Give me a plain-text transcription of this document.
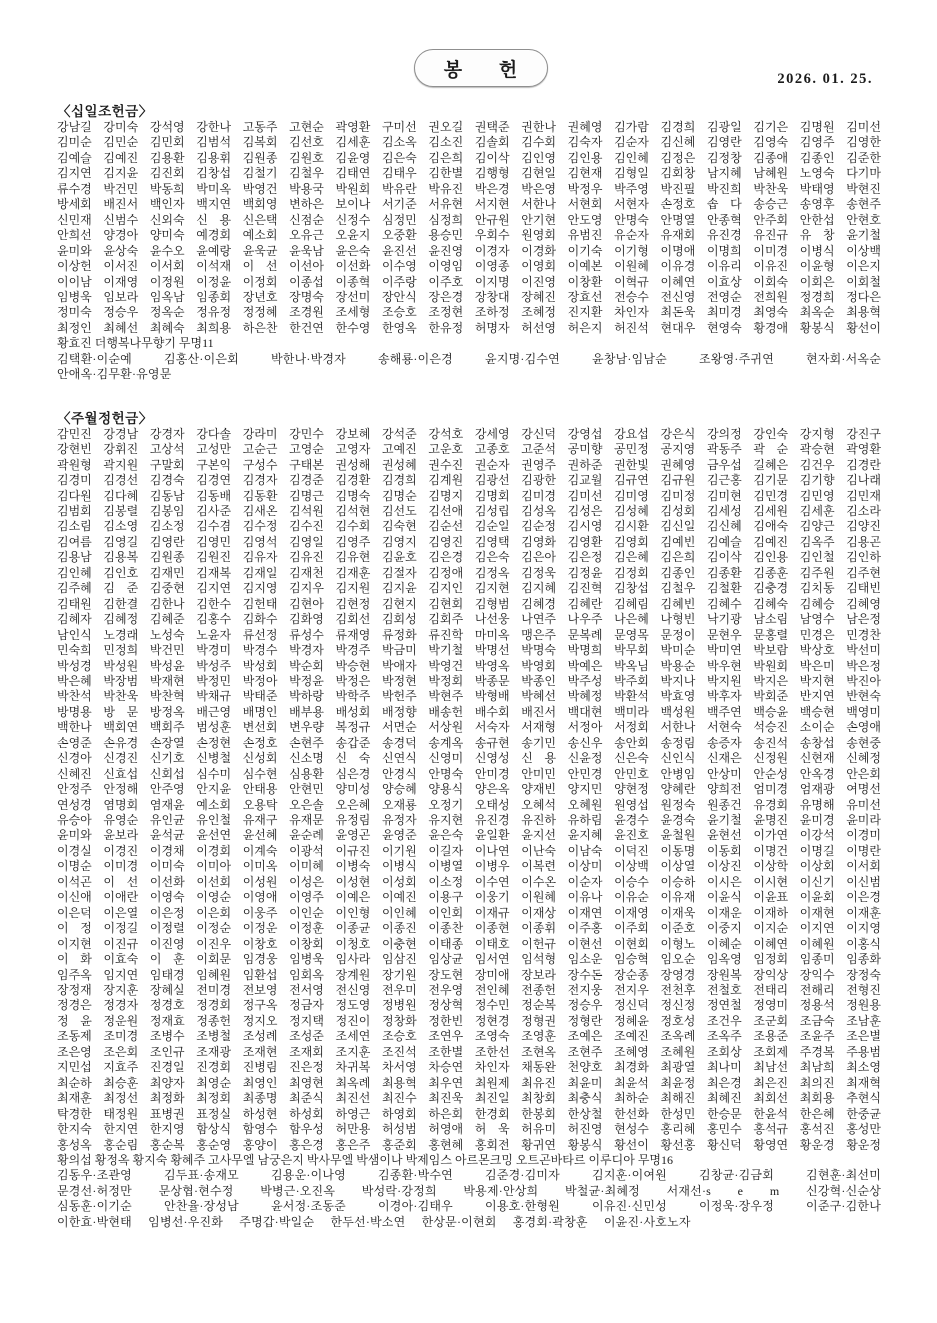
봉 헌	2026. 01. 25.
〈십일조헌금〉
강남길 강미숙 강석영 강한나 고동주 고현순 곽영환 구미선 권오길 권택준 권한나 권혜영 김가람 김경희 김광일 김기은 김명원 김미선
김미순 김민순 김민회 김범석 김복회 김선호 김세훈 김소옥 김소진 김솔회 김수회 김숙자 김순자 김신혜 김영란 김영숙 김영주 김영한
김예슬 김예진 김용환 김용휘 김원종 김원호 김윤영 김은숙 김은희 김이삭 김인영 김인용 김인혜 김정은 김정창 김종애 김종인 김준한
김지연 김지윤 김진회 김창섭 김철기 김철우 김태연 김태우 김한별 김행형 김현일 김현재 김형일 김회창 남지혜 남혜원 노영숙 다기마
류수경 박건민 박동희 박미옥 박영건 박용국 박원회 박유란 박유진 박은경 박은영 박정우 박주영 박진필 박진희 박찬욱 박태영 박현진
방세회 배진서 백인자 백지연 백회영 변하은 보이나 서기준 서유현 서지현 서한나 서현회 서현자 손정호 솝 다 송승근 송영후 송현주
신민재 신범수 신외숙 신 용 신은택 신점순 신정수 심정민 심정희 안규원 안기현 안도영 안명숙 안명열 안종혁 안주회 안한섭 안현호
안희선 양경아 양미숙 예경회 예소회 오유근 오윤지 오중환 용승민 우회수 원영회 유범진 유순자 유재회 유진경 유진규 유 창 윤기철
윤미와 윤상숙 윤수오 윤예랑 윤욱균 윤욱남 윤은숙 윤진선 윤진영 이경자 이경화 이기숙 이기형 이명애 이명희 이미경 이병식 이상백
이상헌 이서진 이서회 이석재 이 선 이선아 이선화 이수영 이영임 이영종 이영회 이예본 이원혜 이유경 이유리 이유진 이윤형 이은지
이이남 이재영 이정원 이정윤 이정회 이종섭 이종혁 이주랑 이주호 이지명 이진영 이창환 이혁규 이혜연 이효상 이회숙 이회은 이회철
임병욱 임보라 임옥남 임종회 장년호 장명숙 장선미 장안식 장은경 장창대 장혜진 장효선 전승수 전신영 전영순 전희원 정경희 정다은
정미숙 정승우 정옥순 정유정 정정혜 조경원 조세형 조승호 조정현 조하정 조혜정 진지환 차인자 최돈욱 최미경 최영숙 최옥순 최용혁
최정인 최혜선 최혜숙 최희용 하은찬 한건연 한수영 한영옥 한유정 허명자 허선영 허은지 허진석 현대우 현영숙 황경애 황봉식 황선이
황효진 더행복나무향기 무명11
김택환·이순예 김홍산·이은회 박한나·박경자 송해룡·이은경 윤지명·김수연 윤창남·임남순 조왕영·주귀연 현자회·서옥순
안애옥·김무환·유영문
〈주월정헌금〉
감민진 강경남 강경자 강다솔 강라미 강민수 강보혜 강석준 강석호 강세영 강신덕 강영섭 강요섭 강은식 강의정 강인숙 강지형 강진구
강현빈 강휘진 고상석 고성만 고순근 고영순 고영자 고예진 고운호 고종호 고준석 공미향 공민정 공지영 곽동주 곽 순 곽승현 곽영환
곽원형 곽지원 구말회 구본익 구성수 구태본 권성해 권성혜 권수진 권순자 권영주 권하준 권한빛 권혜영 금우섭 길혜은 김건우 김경란
김경미 김경선 김경숙 김경연 김경자 김경준 김경환 김경희 김계원 김광선 김광한 김교월 김규연 김규원 김근홍 김기문 김기향 김나래
김다원 김다혜 김동남 김동배 김동환 김명근 김명숙 김명순 김명지 김명회 김미경 김미선 김미영 김미정 김미현 김민경 김민영 김민재
김범회 김봉렬 김봉임 김사준 김새온 김석원 김석현 김선도 김선애 김성립 김성옥 김성은 김성혜 김성회 김세성 김세원 김세훈 김소라
김소림 김소영 김소정 김수겸 김수정 김수진 김수회 김숙현 김순선 김순일 김순정 김시영 김시환 김신일 김신혜 김애숙 김양근 김양진
김여름 김영길 김영란 김영민 김영석 김영일 김영주 김영지 김영진 김영택 김영화 김영환 김영회 김예빈 김예슬 김예진 김옥주 김용곤
김용남 김용복 김원종 김원진 김유자 김유진 김유현 김윤호 김은경 김은숙 김은아 김은정 김은혜 김은희 김이삭 김인용 김인철 김인하
김인혜 김인호 김재민 김재복 김재일 김재천 김재훈 김절자 김정애 김정옥 김정욱 김정윤 김정회 김종인 김종환 김종훈 김주원 김주현
김주혜 김 준 김중현 김지연 김지영 김지우 김지원 김지윤 김지인 김지현 김지혜 김진혁 김창섭 김철우 김철환 김충경 김치동 김태빈
김태원 김한결 김한나 김한수 김헌태 김현아 김현정 김현지 김현회 김형범 김혜경 김혜란 김혜림 김혜빈 김혜수 김혜숙 김혜승 김혜영
김혜자 김혜정 김혜준 김홍수 김화수 김화영 김회선 김회성 김회주 나선웅 나연주 나우주 나은혜 나형빈 낙기광 남소림 남영수 남은정
남인식 노경래 노성숙 노윤자 류선정 류성수 류재영 류정화 류진학 마미옥 맹은주 문복례 문영목 문정이 문현우 문홍렬 민경은 민경찬
민숙희 민정희 박건민 박경미 박경수 박경자 박경주 박금미 박기철 박명선 박명숙 박명희 박무회 박미순 박미연 박보람 박상호 박선미
박성경 박성원 박성윤 박성주 박성회 박순회 박승현 박애자 박영건 박영옥 박영회 박예은 박옥님 박용순 박우현 박원회 박은미 박은정
박은혜 박장범 박재현 박정민 박정아 박정윤 박정은 박정현 박정회 박종문 박종인 박주성 박주회 박지나 박지원 박지은 박지현 박진아
박찬석 박찬욱 박찬혁 박채규 박태준 박하랑 박학주 박헌주 박현주 박형배 박혜선 박혜정 박환석 박효영 박후자 박회준 반지연 반현숙
방명용 방 문 방정옥 배근영 배명인 배부용 배성회 배정향 배송헌 배수회 배진서 백대현 백미라 백성원 백주연 백승윤 백승현 백영미
백한나 백회연 백회주 범성훈 변선회 변우량 복정규 서면순 서상원 서숙자 서재형 서정아 서정회 서한나 서현숙 석승진 소이순 손영애
손영준 손유경 손장열 손정현 손정호 손현주 송갑준 송경덕 송계옥 송규현 송기민 송신우 송안회 송정림 송증자 송진석 송창섭 송현중
신경아 신경진 신기호 신병철 신성회 신소명 신 숙 신연식 신영미 신영성 신 용 신윤정 신은숙 신인식 신재은 신정원 신현재 신혜정
신혜진 신효섭 신회섭 심수미 심수현 심용환 심은경 안경식 안명숙 안미경 안미민 안민경 안민호 안병임 안상미 안순성 안옥경 안은회
안정주 안정해 안주영 안지윤 안태용 안현민 양미성 양승혜 양용식 양은옥 양재빈 양지민 양현정 양혜란 양희전 엄미경 엄재광 여명선
연성경 염명회 염재윤 예소회 오용탁 오은솔 오은혜 오재룡 오정기 오태성 오혜석 오혜원 원영섭 원정숙 원종건 유경회 유명해 유미선
유승아 유영순 유인균 유인철 유재구 유재문 유정림 유정자 유지현 유진경 유진하 유하림 윤경수 윤경숙 윤기철 윤명진 윤미경 윤미라
윤미와 윤보라 윤석균 윤선연 윤선혜 윤순례 윤영곤 윤영준 윤은숙 윤일환 윤지선 윤지혜 윤진호 윤철원 윤현선 이가연 이강석 이경미
이경실 이경진 이경채 이경회 이계숙 이광석 이규진 이기원 이길자 이나연 이난숙 이남숙 이덕진 이동명 이동회 이명건 이명길 이명란
이명순 이미경 이미숙 이미아 이미옥 이미혜 이병숙 이병식 이병열 이병우 이복련 이상미 이상백 이상열 이상진 이상학 이상회 이서회
이석곤 이 선 이선화 이선회 이성원 이성은 이성현 이성회 이소정 이수연 이수온 이순자 이승수 이승하 이시은 이시현 이신기 이신범
이신애 이애란 이영숙 이영순 이영애 이영주 이예은 이예진 이용구 이웅기 이원혜 이유나 이유순 이유재 이윤식 이윤표 이윤회 이은경
이은덕 이은열 이은정 이은회 이웅주 이인순 이인형 이인혜 이인회 이재규 이재상 이재연 이재영 이재욱 이재운 이재하 이재현 이재훈
이 정 이정길 이정렬 이정순 이정운 이정훈 이종균 이종진 이종찬 이종현 이종휘 이주홍 이주회 이준호 이중지 이지순 이지연 이지영
이지현 이진규 이진영 이진우 이창호 이창회 이청호 이충현 이태종 이태호 이헌규 이현선 이현회 이형노 이혜순 이혜연 이혜원 이홍식
이 화 이효숙 이 훈 이회문 임경웅 임병욱 임사라 임삼진 임상균 임서연 임석형 임소운 임승혁 임오순 임옥영 임정회 임종미 임종화
임주옥 임지연 임태경 임혜원 임환섭 임회옥 장계원 장기원 장도현 장미애 장보라 장수돈 장순종 장영경 장원복 장익상 장익수 장정숙
장정재 장지훈 장혜실 전미경 전보영 전서영 전신영 전우미 전우영 전인혜 전종헌 전지웅 전지우 전천후 전철호 전태리 전해리 전형진
정경은 정경자 정경호 정경회 정구옥 정금자 정도영 정병원 정상혁 정수민 정순복 정승우 정신덕 정신정 정연철 정영미 정용석 정원용
정 윤 정운원 정재효 정종헌 정지오 정지택 정진이 정창화 정한빈 정현경 정형권 정형란 정혜윤 정호성 조건우 조군회 조금숙 조남훈
조동제 조미경 조병수 조병철 조성례 조성준 조세연 조승호 조연우 조영숙 조영훈 조예은 조예진 조옥례 조옥주 조용준 조윤주 조은별
조은영 조은회 조인규 조재광 조재현 조재회 조지훈 조진석 조한별 조한선 조현옥 조현주 조혜영 조혜원 조회상 조회제 주경복 주용범
지민섭 지효주 진경일 진경회 진병림 진은정 차귀복 차서영 차승연 차인자 채동완 천양호 최경화 최광열 최나미 최남선 최남희 최소영
최순하 최승훈 최양자 최영순 최영인 최영현 최옥례 최용혁 최우연 최원제 최유진 최윤미 최윤석 최윤정 최은경 최은진 최의진 최재혁
최재훈 최정선 최정화 최정회 최종명 최준식 최진선 최진수 최진욱 최진일 최창회 최충식 최하순 최해진 최혜진 최회선 최회용 추현식
탁경한 태정원 표병권 표정실 하성현 하성회 하영근 하영회 하은회 한경회 한봉회 한상철 한선화 한성민 한승문 한윤석 한은혜 한중균
한지숙 한지연 한지영 함상식 함영수 함우성 허만용 허성범 허영애 허 욱 허유미 허진영 현성수 홍리혜 홍민수 홍석규 홍석진 홍성만
홍성옥 홍순림 홍순복 홍순영 홍양이 홍은경 홍은주 홍준회 홍현혜 홍회전 황귀연 황봉식 황선이 황선홍 황신덕 황영연 황운경 황운정
황의섭 황정옥 황지숙 황혜주 고사무엘 남궁은지 박사무엘 박샘이나 박제임스 아르몬크밍 오트곤바타르 이루디아 무명16
김동우·조관영 김두표·송재모 김용운·이나영 김종환·박수연 김준경·김미자 김지훈·이여원 김창균·김금회 김현훈·최선미
문경선·허정만 문상협·현수정 박병근·오진옥 박성락·강정희 박용제·안상희 박철균·최혜정 서재선·s e m 신강혁·신순상
심동훈·이기순 안찬율·장성남 윤서정·조동준 이경아·김태우 이용호·한형원 이유진·신민성 이정욱·장우정 이준구·김한나
이한효·박현태 임병선·우진화 주명갑·박일순 한두선·박소연 한상문·이현회 홍경회·곽창훈 이윤진·사호노자
